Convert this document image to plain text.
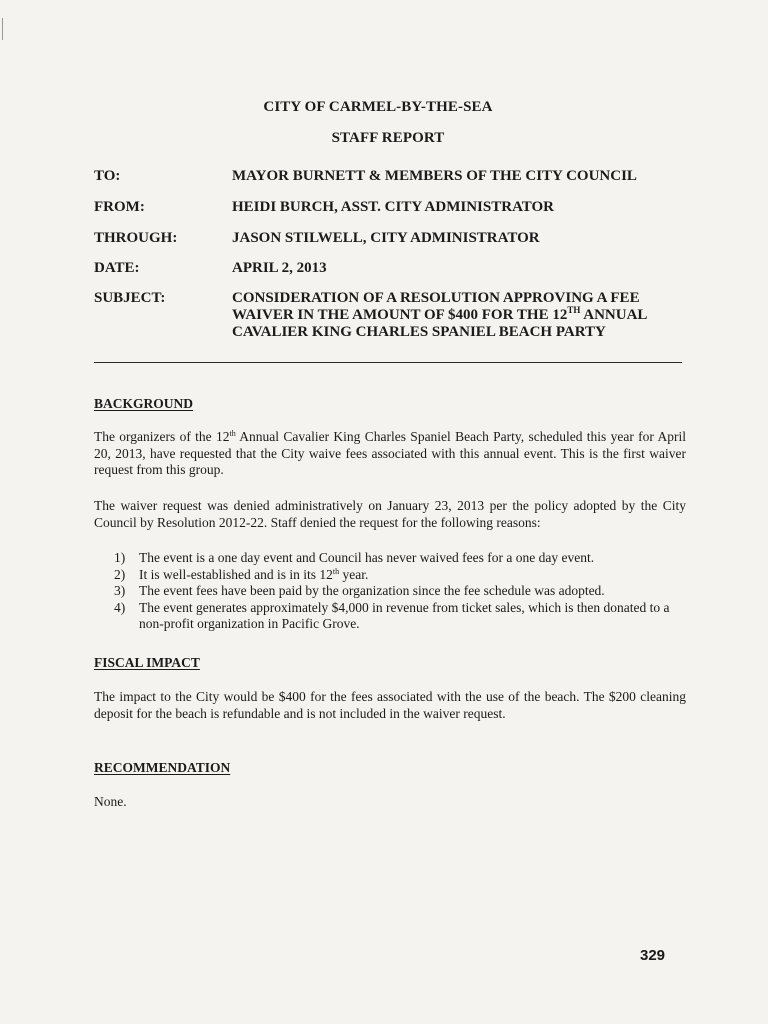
CITY OF CARMEL-BY-THE-SEA
STAFF REPORT
TO:	MAYOR BURNETT & MEMBERS OF THE CITY COUNCIL
FROM:	HEIDI BURCH, ASST. CITY ADMINISTRATOR
THROUGH:	JASON STILWELL, CITY ADMINISTRATOR
DATE:	APRIL 2, 2013
SUBJECT:	CONSIDERATION OF A RESOLUTION APPROVING A FEE WAIVER IN THE AMOUNT OF $400 FOR THE 12TH ANNUAL CAVALIER KING CHARLES SPANIEL BEACH PARTY
BACKGROUND
The organizers of the 12th Annual Cavalier King Charles Spaniel Beach Party, scheduled this year for April 20, 2013, have requested that the City waive fees associated with this annual event. This is the first waiver request from this group.
The waiver request was denied administratively on January 23, 2013 per the policy adopted by the City Council by Resolution 2012-22. Staff denied the request for the following reasons:
1) The event is a one day event and Council has never waived fees for a one day event.
2) It is well-established and is in its 12th year.
3) The event fees have been paid by the organization since the fee schedule was adopted.
4) The event generates approximately $4,000 in revenue from ticket sales, which is then donated to a non-profit organization in Pacific Grove.
FISCAL IMPACT
The impact to the City would be $400 for the fees associated with the use of the beach. The $200 cleaning deposit for the beach is refundable and is not included in the waiver request.
RECOMMENDATION
None.
329
